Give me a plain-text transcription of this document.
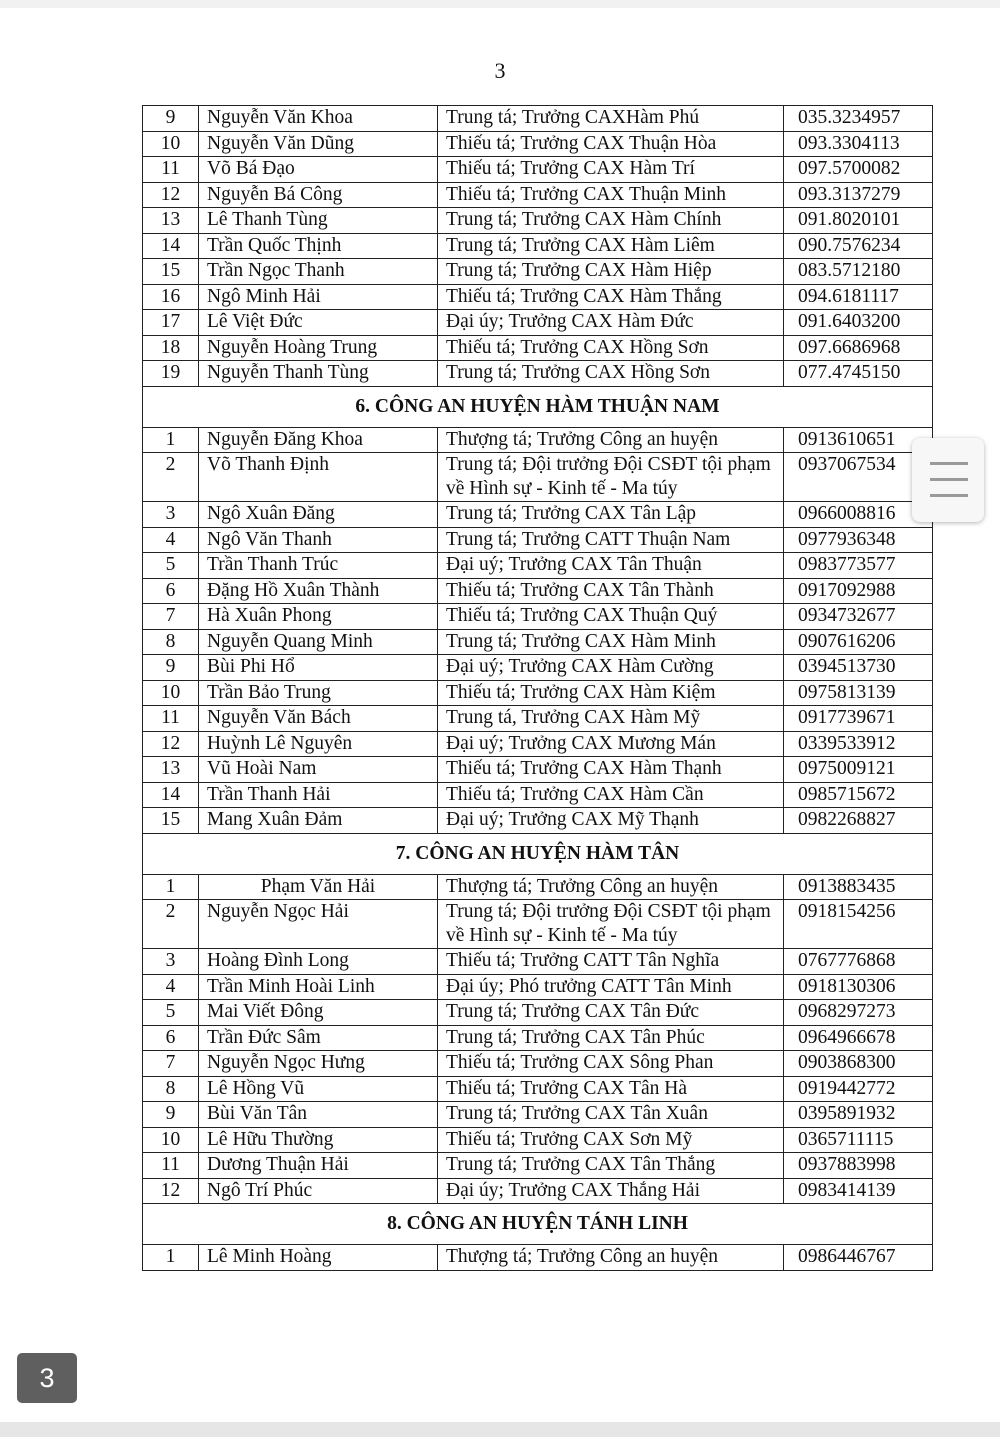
3
9	Nguyễn Văn Khoa	Trung tá; Trưởng CAXHàm Phú	035.3234957
10	Nguyễn Văn Dũng	Thiếu tá; Trưởng CAX Thuận Hòa	093.3304113
11	Võ Bá Đạo	Thiếu tá; Trưởng CAX Hàm Trí	097.5700082
12	Nguyễn Bá Công	Thiếu tá; Trưởng CAX Thuận Minh	093.3137279
13	Lê Thanh Tùng	Trung tá; Trưởng CAX Hàm Chính	091.8020101
14	Trần Quốc Thịnh	Trung tá; Trưởng CAX Hàm Liêm	090.7576234
15	Trần Ngọc Thanh	Trung tá; Trưởng CAX Hàm Hiệp	083.5712180
16	Ngô Minh Hải	Thiếu tá; Trưởng CAX Hàm Thắng	094.6181117
17	Lê Việt Đức	Đại úy; Trưởng CAX Hàm Đức	091.6403200
18	Nguyễn Hoàng Trung	Thiếu tá; Trưởng CAX Hồng Sơn	097.6686968
19	Nguyễn Thanh Tùng	Trung tá; Trưởng CAX Hồng Sơn	077.4745150
6. CÔNG AN HUYỆN HÀM THUẬN NAM			
1	Nguyễn Đăng Khoa	Thượng tá; Trưởng Công an huyện	0913610651
2	Võ Thanh Định	Trung tá; Đội trưởng Đội CSĐT tội phạm về Hình sự - Kinh tế - Ma túy	0937067534
3	Ngô Xuân Đăng	Trung tá; Trưởng CAX Tân Lập	0966008816
4	Ngô Văn Thanh	Trung tá; Trưởng CATT Thuận Nam	0977936348
5	Trần Thanh Trúc	Đại uý; Trưởng CAX Tân Thuận	0983773577
6	Đặng Hồ Xuân Thành	Thiếu tá; Trưởng CAX Tân Thành	0917092988
7	Hà Xuân Phong	Thiếu tá; Trưởng CAX Thuận Quý	0934732677
8	Nguyễn Quang Minh	Trung tá; Trưởng CAX Hàm Minh	0907616206
9	Bùi Phi Hổ	Đại uý; Trưởng CAX Hàm Cường	0394513730
10	Trần Bảo Trung	Thiếu tá; Trưởng CAX Hàm Kiệm	0975813139
11	Nguyễn Văn Bách	Trung tá, Trưởng CAX Hàm Mỹ	0917739671
12	Huỳnh Lê Nguyên	Đại uý; Trưởng CAX Mương Mán	0339533912
13	Vũ Hoài Nam	Thiếu tá; Trưởng CAX Hàm Thạnh	0975009121
14	Trần Thanh Hải	Thiếu tá; Trưởng CAX Hàm Cần	0985715672
15	Mang Xuân Đảm	Đại uý; Trưởng CAX Mỹ Thạnh	0982268827
7. CÔNG AN HUYỆN HÀM TÂN			
1	Phạm Văn Hải	Thượng tá; Trưởng Công an huyện	0913883435
2	Nguyễn Ngọc Hải	Trung tá; Đội trưởng Đội CSĐT tội phạm về Hình sự - Kinh tế - Ma túy	0918154256
3	Hoàng Đình Long	Thiếu tá; Trưởng CATT Tân Nghĩa	0767776868
4	Trần Minh Hoài Linh	Đại úy; Phó trưởng CATT Tân Minh	0918130306
5	Mai Viết Đông	Trung tá; Trưởng CAX Tân Đức	0968297273
6	Trần Đức Sâm	Trung tá; Trưởng CAX Tân Phúc	0964966678
7	Nguyễn Ngọc Hưng	Thiếu tá; Trưởng CAX Sông Phan	0903868300
8	Lê Hồng Vũ	Thiếu tá; Trưởng CAX Tân Hà	0919442772
9	Bùi Văn Tân	Trung tá; Trưởng CAX Tân Xuân	0395891932
10	Lê Hữu Thường	Thiếu tá; Trưởng CAX Sơn Mỹ	0365711115
11	Dương Thuận Hải	Trung tá; Trưởng CAX Tân Thắng	0937883998
12	Ngô Trí Phúc	Đại úy; Trưởng CAX Thắng Hải	0983414139
8. CÔNG AN HUYỆN TÁNH LINH			
1	Lê Minh Hoàng	Thượng tá; Trưởng Công an huyện	0986446767
3
